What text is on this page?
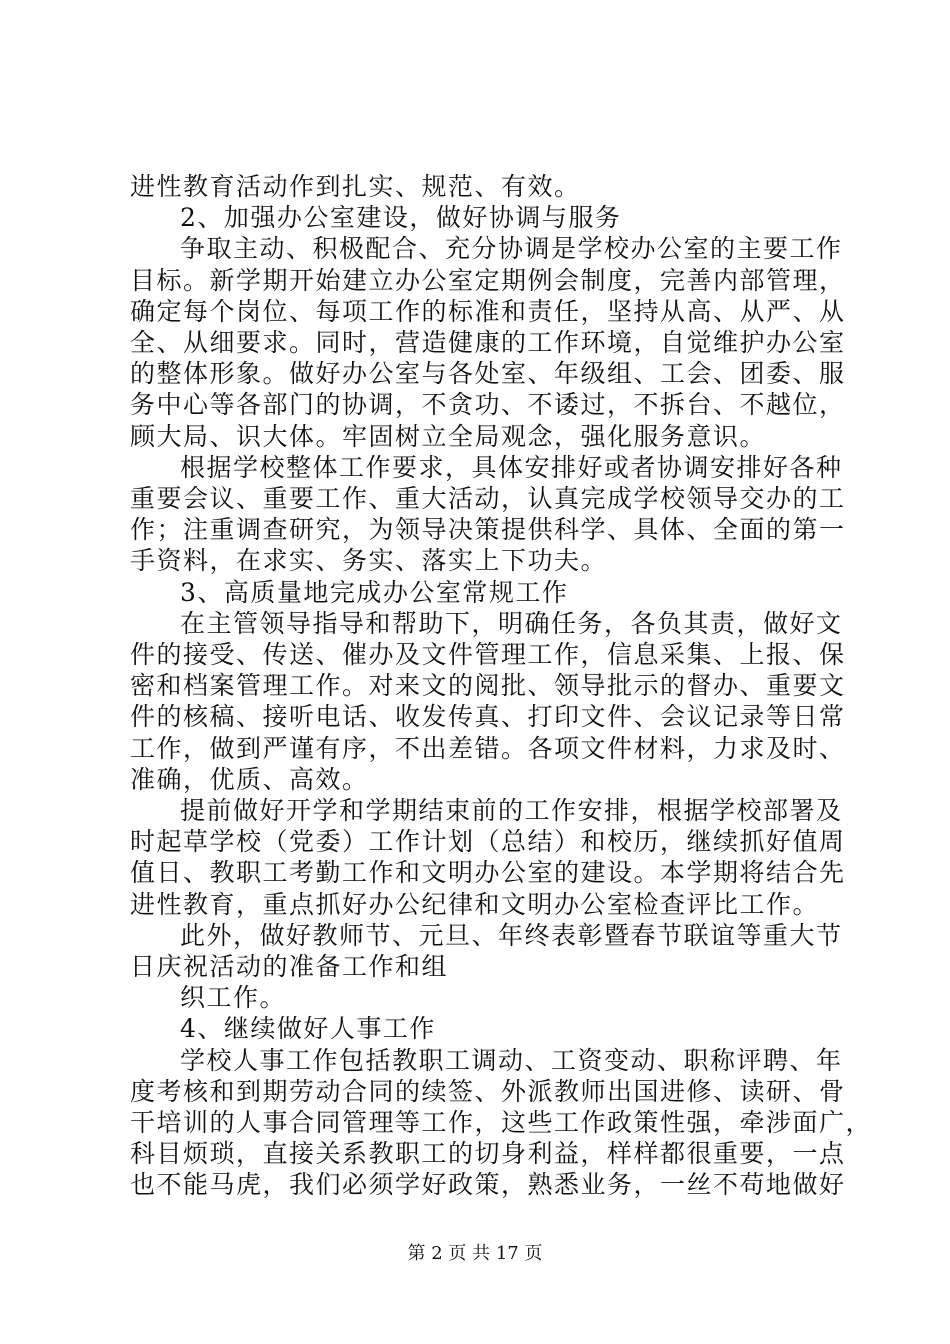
进性教育活动作到扎实、规范、有效。
2、加强办公室建设，做好协调与服务
争取主动、积极配合、充分协调是学校办公室的主要工作
目标。新学期开始建立办公室定期例会制度，完善内部管理，
确定每个岗位、每项工作的标准和责任，坚持从高、从严、从
全、从细要求。同时，营造健康的工作环境，自觉维护办公室
的整体形象。做好办公室与各处室、年级组、工会、团委、服
务中心等各部门的协调，不贪功、不诿过，不拆台、不越位，
顾大局、识大体。牢固树立全局观念，强化服务意识。
根据学校整体工作要求，具体安排好或者协调安排好各种
重要会议、重要工作、重大活动，认真完成学校领导交办的工
作；注重调查研究，为领导决策提供科学、具体、全面的第一
手资料，在求实、务实、落实上下功夫。
3、高质量地完成办公室常规工作
在主管领导指导和帮助下，明确任务，各负其责，做好文
件的接受、传送、催办及文件管理工作，信息采集、上报、保
密和档案管理工作。对来文的阅批、领导批示的督办、重要文
件的核稿、接听电话、收发传真、打印文件、会议记录等日常
工作，做到严谨有序，不出差错。各项文件材料，力求及时、
准确，优质、高效。
提前做好开学和学期结束前的工作安排，根据学校部署及
时起草学校（党委）工作计划（总结）和校历，继续抓好值周
值日、教职工考勤工作和文明办公室的建设。本学期将结合先
进性教育，重点抓好办公纪律和文明办公室检查评比工作。
此外，做好教师节、元旦、年终表彰暨春节联谊等重大节
日庆祝活动的准备工作和组
织工作。
4、继续做好人事工作
学校人事工作包括教职工调动、工资变动、职称评聘、年
度考核和到期劳动合同的续签、外派教师出国进修、读研、骨
干培训的人事合同管理等工作，这些工作政策性强，牵涉面广，
科目烦琐，直接关系教职工的切身利益，样样都很重要，一点
也不能马虎，我们必须学好政策，熟悉业务，一丝不苟地做好
第 2 页 共 17 页
